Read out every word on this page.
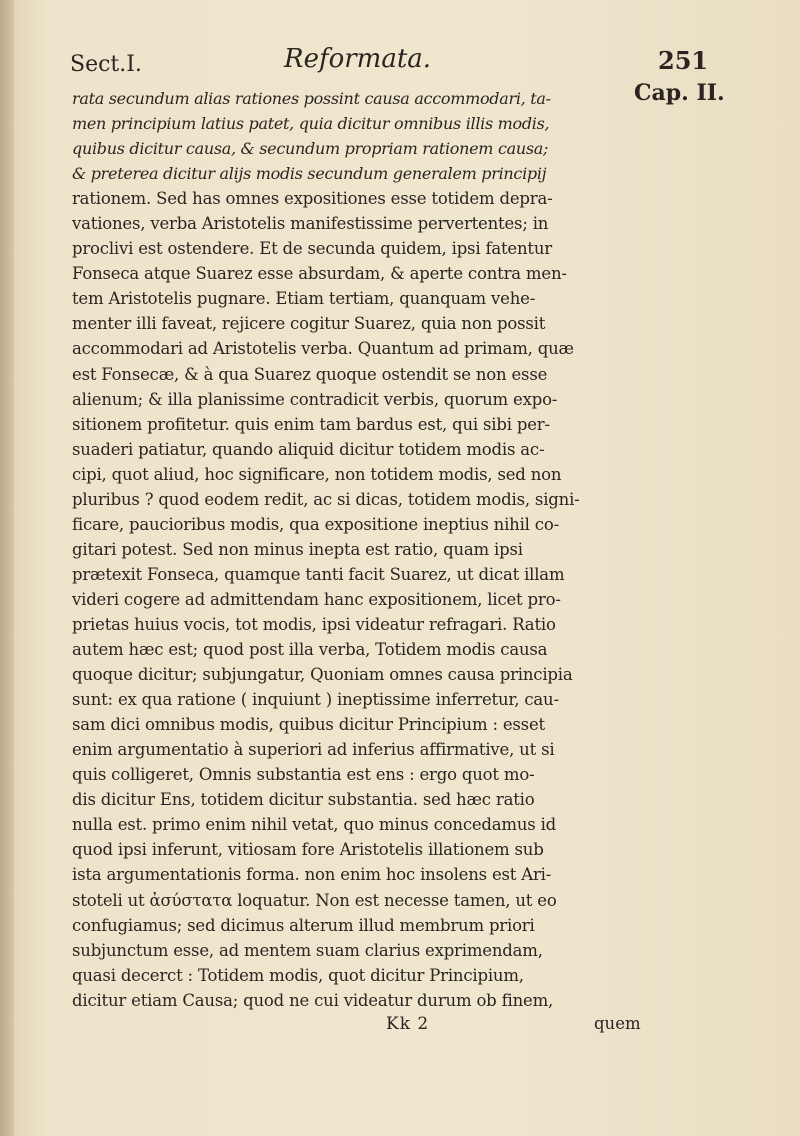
Sect.I.	Reformata.	251
Cap. II.
rata secundum alias rationes possint causa accommodari, ta-
men principium latius patet, quia dicitur omnibus illis modis,
quibus dicitur causa, & secundum propriam rationem causa;
& preterea dicitur alijs modis secundum generalem principij
rationem. Sed has omnes expositiones esse totidem depra-
vationes, verba Aristotelis manifestissime pervertentes; in
proclivi est ostendere. Et de secunda quidem, ipsi fatentur
Fonseca atque Suarez esse absurdam, & aperte contra men-
tem Aristotelis pugnare. Etiam tertiam, quanquam vehe-
menter illi faveat, rejicere cogitur Suarez, quia non possit
accommodari ad Aristotelis verba. Quantum ad primam, quæ
est Fonsecæ, & à qua Suarez quoque ostendit se non esse
alienum; & illa planissime contradicit verbis, quorum expo-
sitionem profitetur. quis enim tam bardus est, qui sibi per-
suaderi patiatur, quando aliquid dicitur totidem modis ac-
cipi, quot aliud, hoc significare, non totidem modis, sed non
pluribus ? quod eodem redit, ac si dicas, totidem modis, signi-
ficare, paucioribus modis, qua expositione ineptius nihil co-
gitari potest. Sed non minus inepta est ratio, quam ipsi
prætexit Fonseca, quamque tanti facit Suarez, ut dicat illam
videri cogere ad admittendam hanc expositionem, licet pro-
prietas huius vocis, tot modis, ipsi videatur refragari. Ratio
autem hæc est; quod post illa verba, Totidem modis causa
quoque dicitur; subjungatur, Quoniam omnes causa principia
sunt: ex qua ratione ( inquiunt ) ineptissime inferretur, cau-
sam dici omnibus modis, quibus dicitur Principium : esset
enim argumentatio à superiori ad inferius affirmative, ut si
quis colligeret, Omnis substantia est ens : ergo quot mo-
dis dicitur Ens, totidem dicitur substantia. sed hæc ratio
nulla est. primo enim nihil vetat, quo minus concedamus id
quod ipsi inferunt, vitiosam fore Aristotelis illationem sub
ista argumentationis forma. non enim hoc insolens est Ari-
stoteli ut ἀσύστατα loquatur. Non est necesse tamen, ut eo
confugiamus; sed dicimus alterum illud membrum priori
subjunctum esse, ad mentem suam clarius exprimendam,
quasi decerct : Totidem modis, quot dicitur Principium,
dicitur etiam Causa; quod ne cui videatur durum ob finem,
Kk 2	quem
